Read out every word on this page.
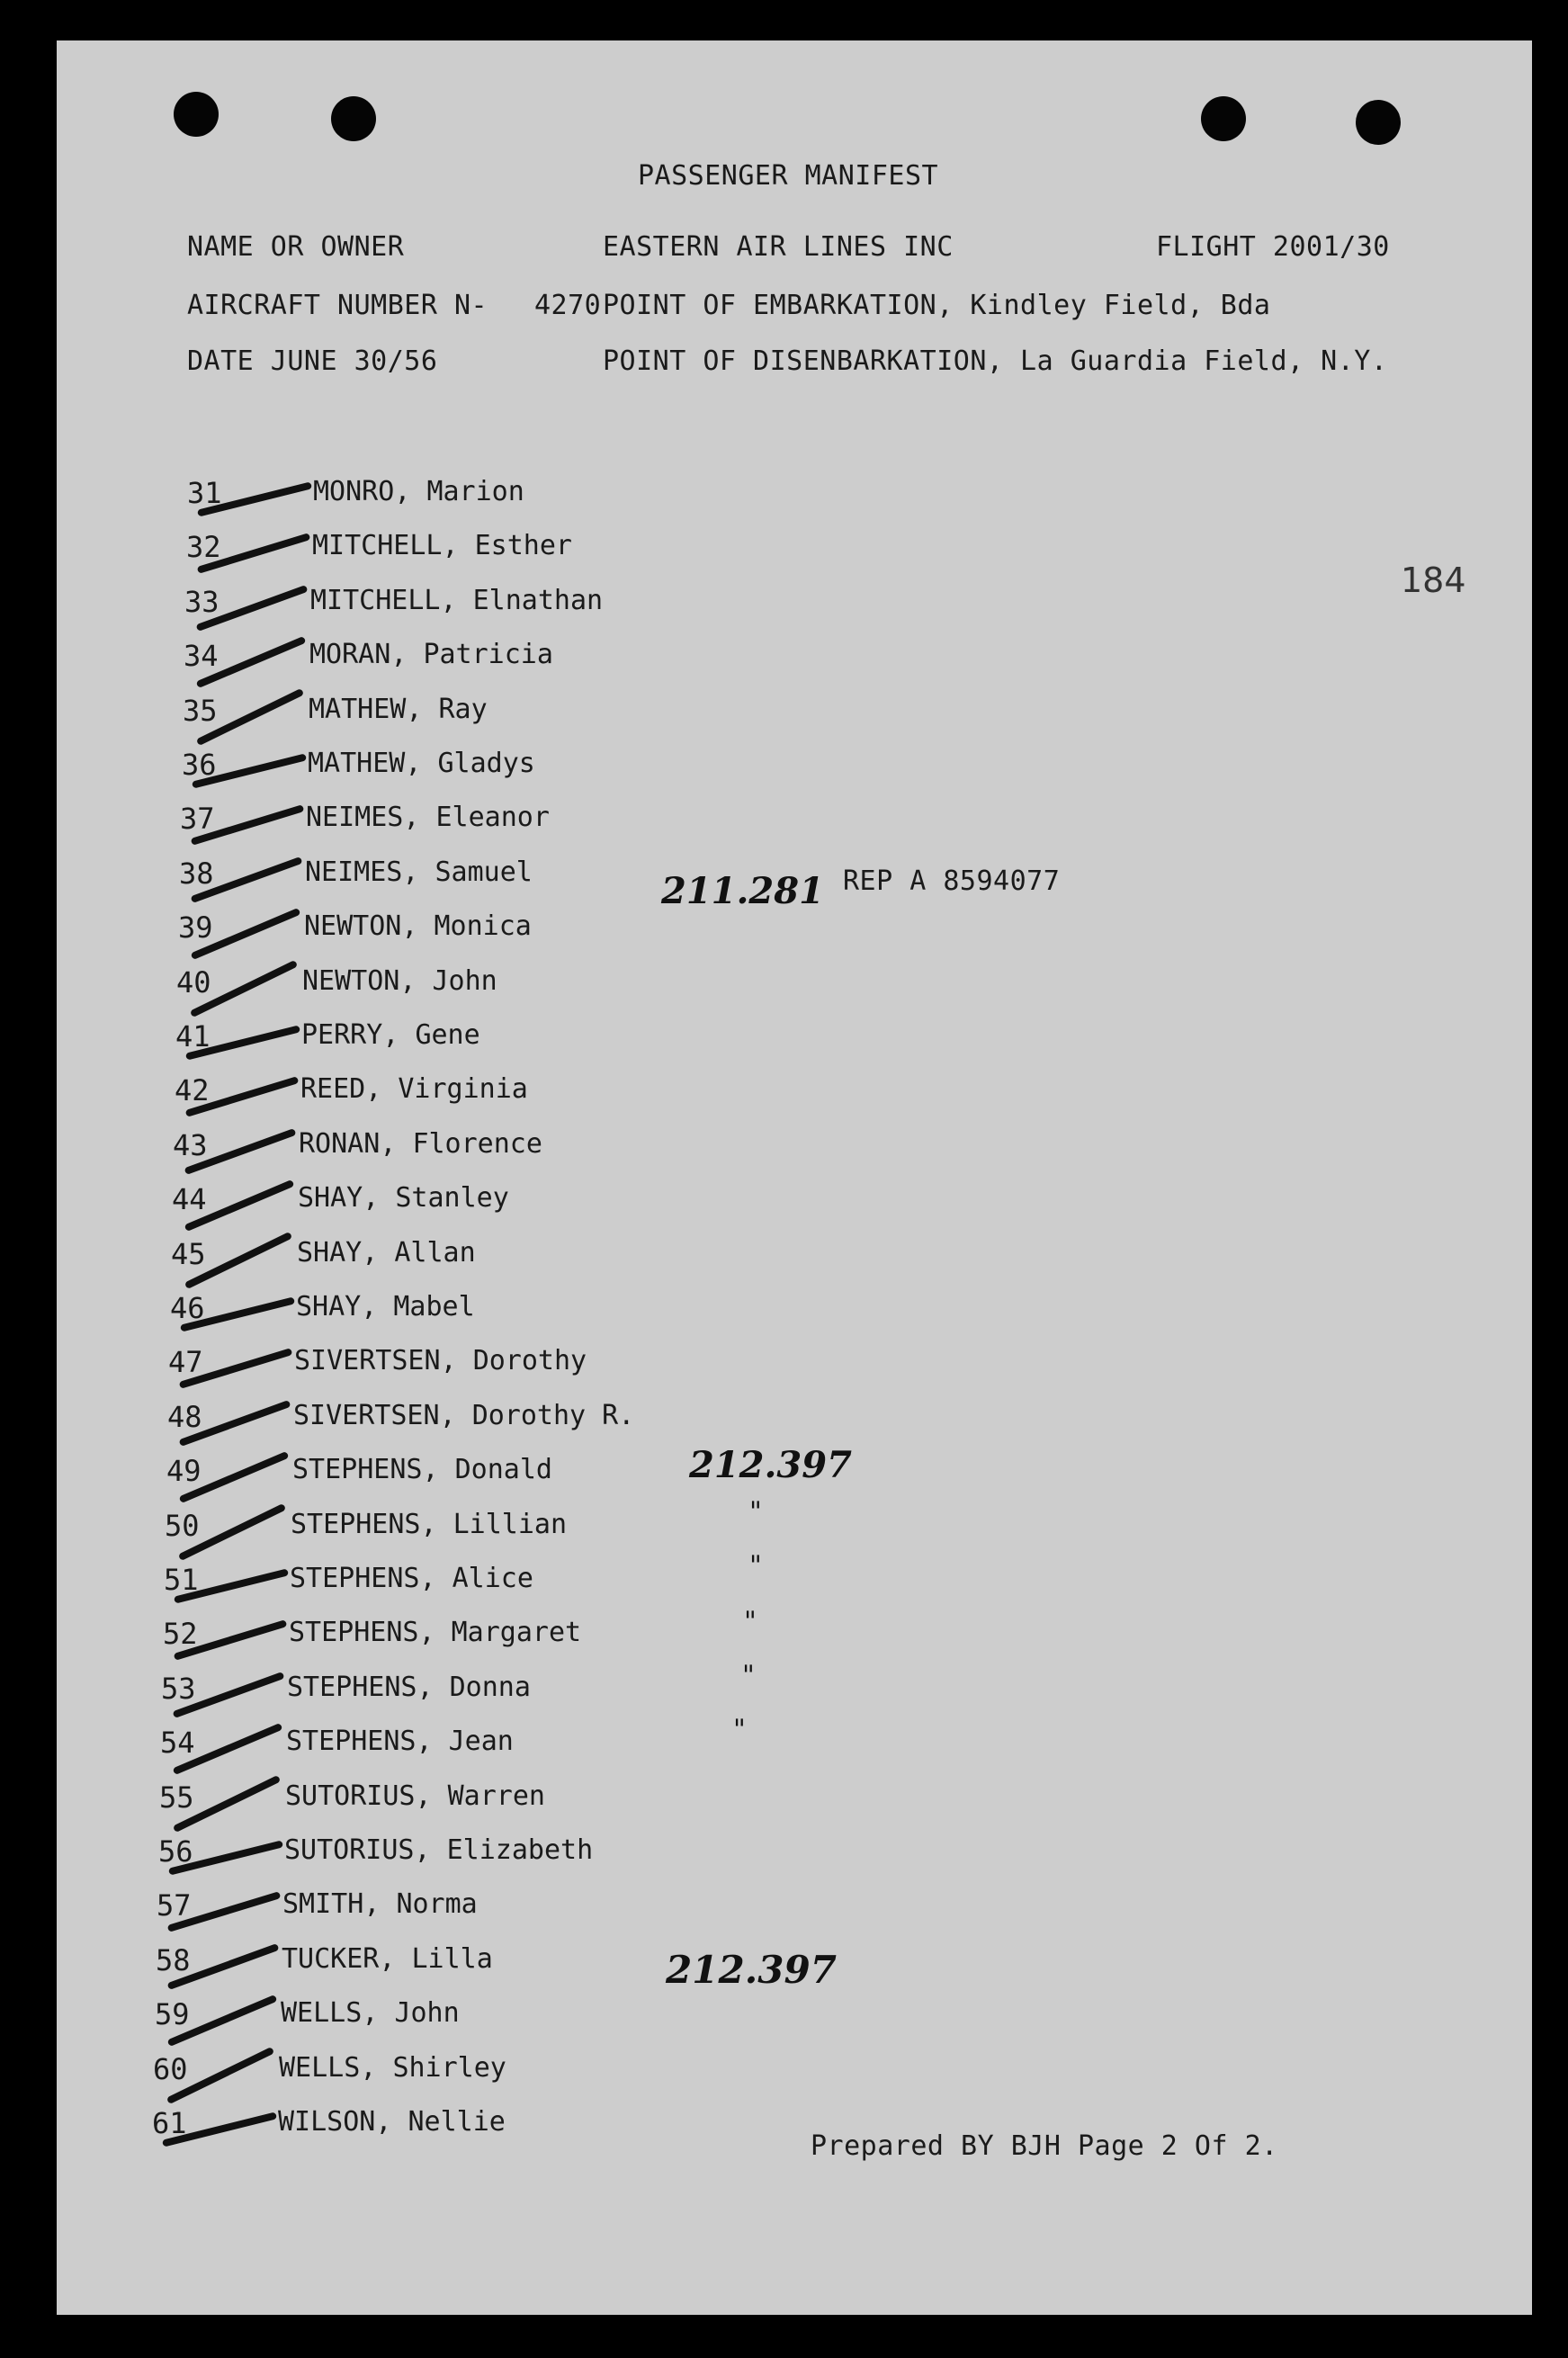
PASSENGER MANIFEST
NAME OR OWNER	EASTERN AIR LINES INC	FLIGHT 2001/30
AIRCRAFT NUMBER N- 4270 POINT OF EMBARKATION, Kindley Field, Bda
DATE JUNE 30/56	POINT OF DISENBARKATION, La Guardia Field, N.Y.
184
31	MONRO, Marion
32	MITCHELL, Esther
33	MITCHELL, Elnathan
34	MORAN, Patricia
35	MATHEW, Ray
36	MATHEW, Gladys
37	NEIMES, Eleanor
38	NEIMES, Samuel
39	NEWTON, Monica
40	NEWTON, John
41	PERRY, Gene
42	REED, Virginia
43	RONAN, Florence
44	SHAY, Stanley
45	SHAY, Allan
46	SHAY, Mabel
47	SIVERTSEN, Dorothy
48	SIVERTSEN, Dorothy R.
49	STEPHENS, Donald
50	STEPHENS, Lillian
51	STEPHENS, Alice
52	STEPHENS, Margaret
53	STEPHENS, Donna
54	STEPHENS, Jean
55	SUTORIUS, Warren
56	SUTORIUS, Elizabeth
57	SMITH, Norma
58	TUCKER, Lilla
59	WELLS, John
60	WELLS, Shirley
61	WILSON, Nellie
211.281 REP A 8594077
212.397
"
"
"
"
"
212.397
Prepared BY BJH Page 2 Of 2.
